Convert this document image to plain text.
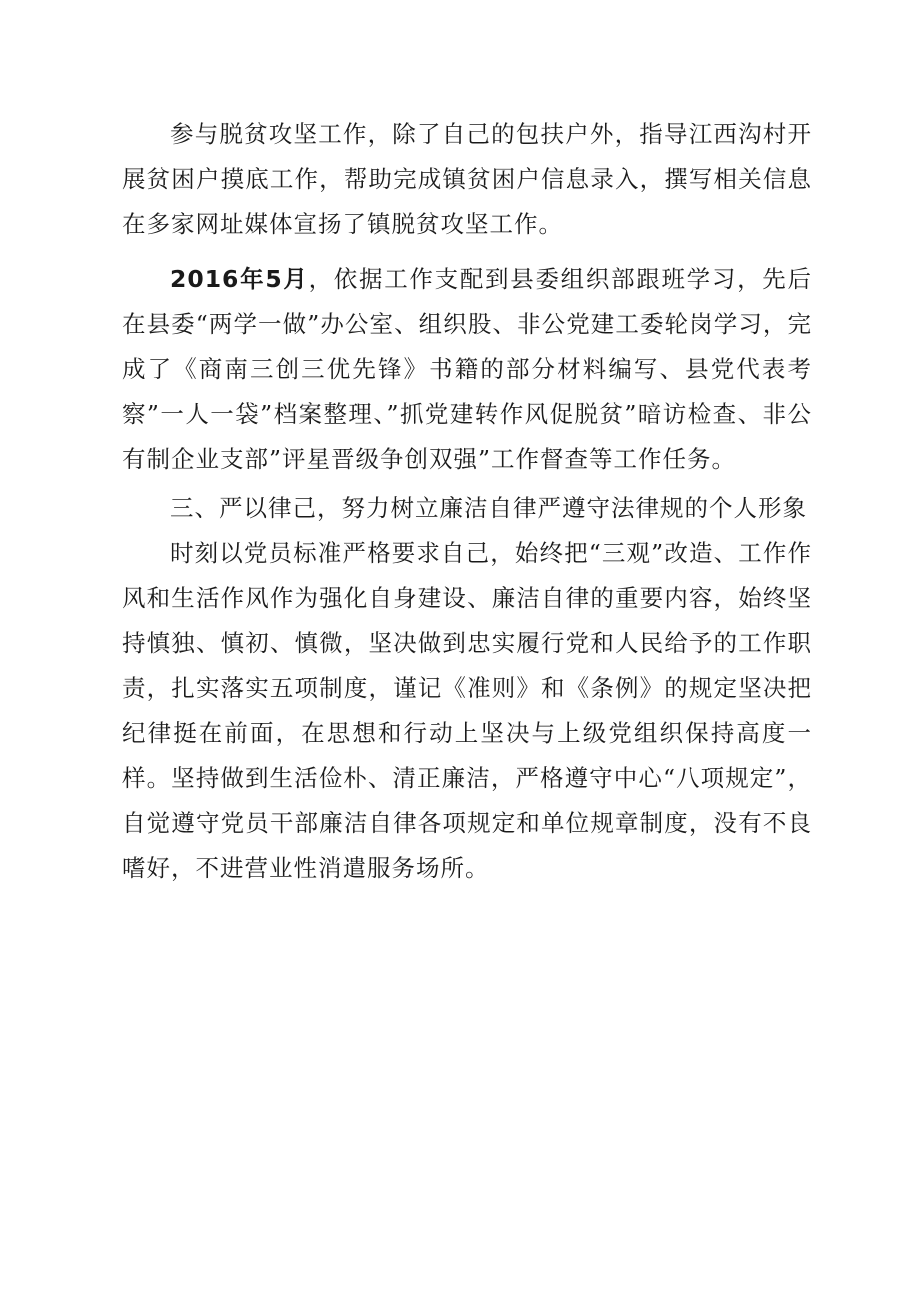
参与脱贫攻坚工作，除了自己的包扶户外，指导江西沟村开展贫困户摸底工作，帮助完成镇贫困户信息录入，撰写相关信息在多家网址媒体宣扬了镇脱贫攻坚工作。

2016年5月，依据工作支配到县委组织部跟班学习，先后在县委“两学一做”办公室、组织股、非公党建工委轮岗学习，完成了《商南三创三优先锋》书籍的部分材料编写、县党代表考察”一人一袋”档案整理、”抓党建转作风促脱贫”暗访检查、非公有制企业支部”评星晋级争创双强”工作督查等工作任务。

三、严以律己，努力树立廉洁自律严遵守法律规的个人形象

时刻以党员标准严格要求自己，始终把“三观”改造、工作作风和生活作风作为强化自身建设、廉洁自律的重要内容，始终坚持慎独、慎初、慎微，坚决做到忠实履行党和人民给予的工作职责，扎实落实五项制度，谨记《准则》和《条例》的规定坚决把纪律挺在前面，在思想和行动上坚决与上级党组织保持高度一样。坚持做到生活俭朴、清正廉洁，严格遵守中心“八项规定”，自觉遵守党员干部廉洁自律各项规定和单位规章制度，没有不良嗜好，不进营业性消遣服务场所。
